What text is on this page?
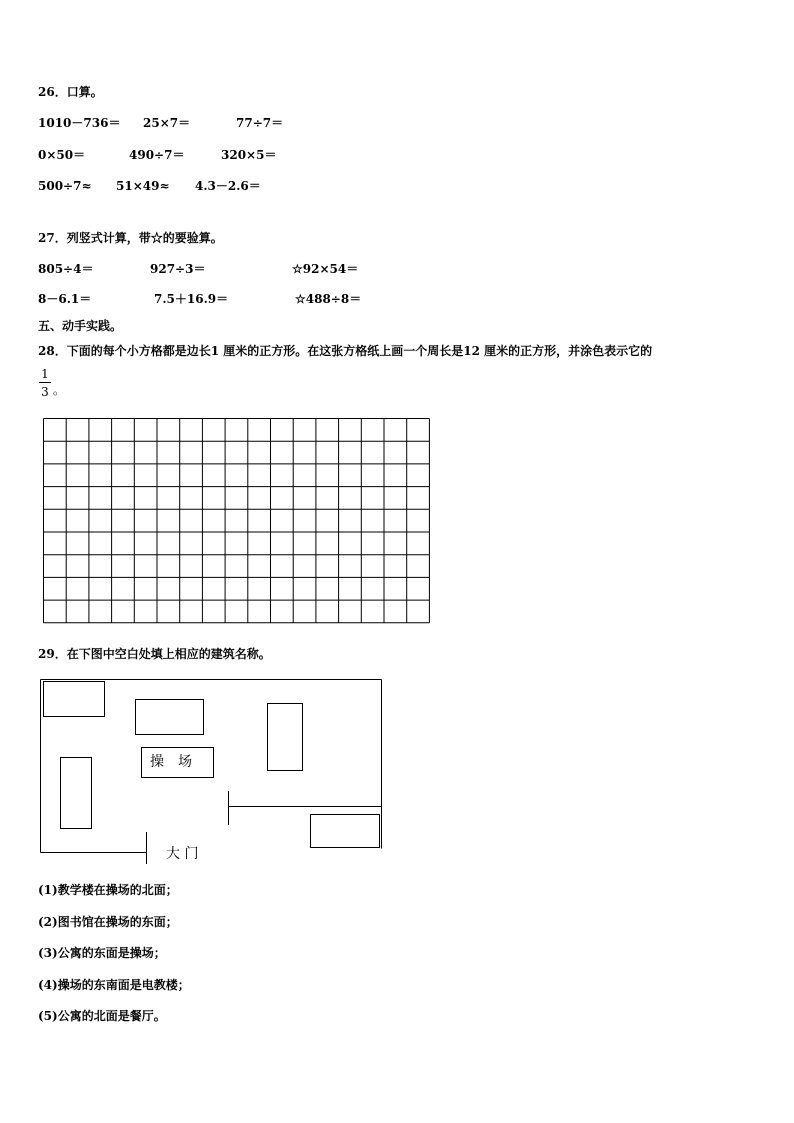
26．口算。
1010－736＝ 25×7＝	77÷7＝
0×50＝	490÷7＝	320×5＝
500÷7≈ 51×49≈ 4.3－2.6＝
27．列竖式计算，带☆的要验算。
805÷4＝	927÷3＝	☆92×54＝
8－6.1＝	7.5＋16.9＝	☆488÷8＝
五、动手实践。
28．下面的每个小方格都是边长1 厘米的正方形。在这张方格纸上画一个周长是12 厘米的正方形，并涂色表示它的
1
3 。
29．在下图中空白处填上相应的建筑名称。
操　场
大 门
(1)教学楼在操场的北面；
(2)图书馆在操场的东面；
(3)公寓的东面是操场；
(4)操场的东南面是电教楼；
(5)公寓的北面是餐厅。
